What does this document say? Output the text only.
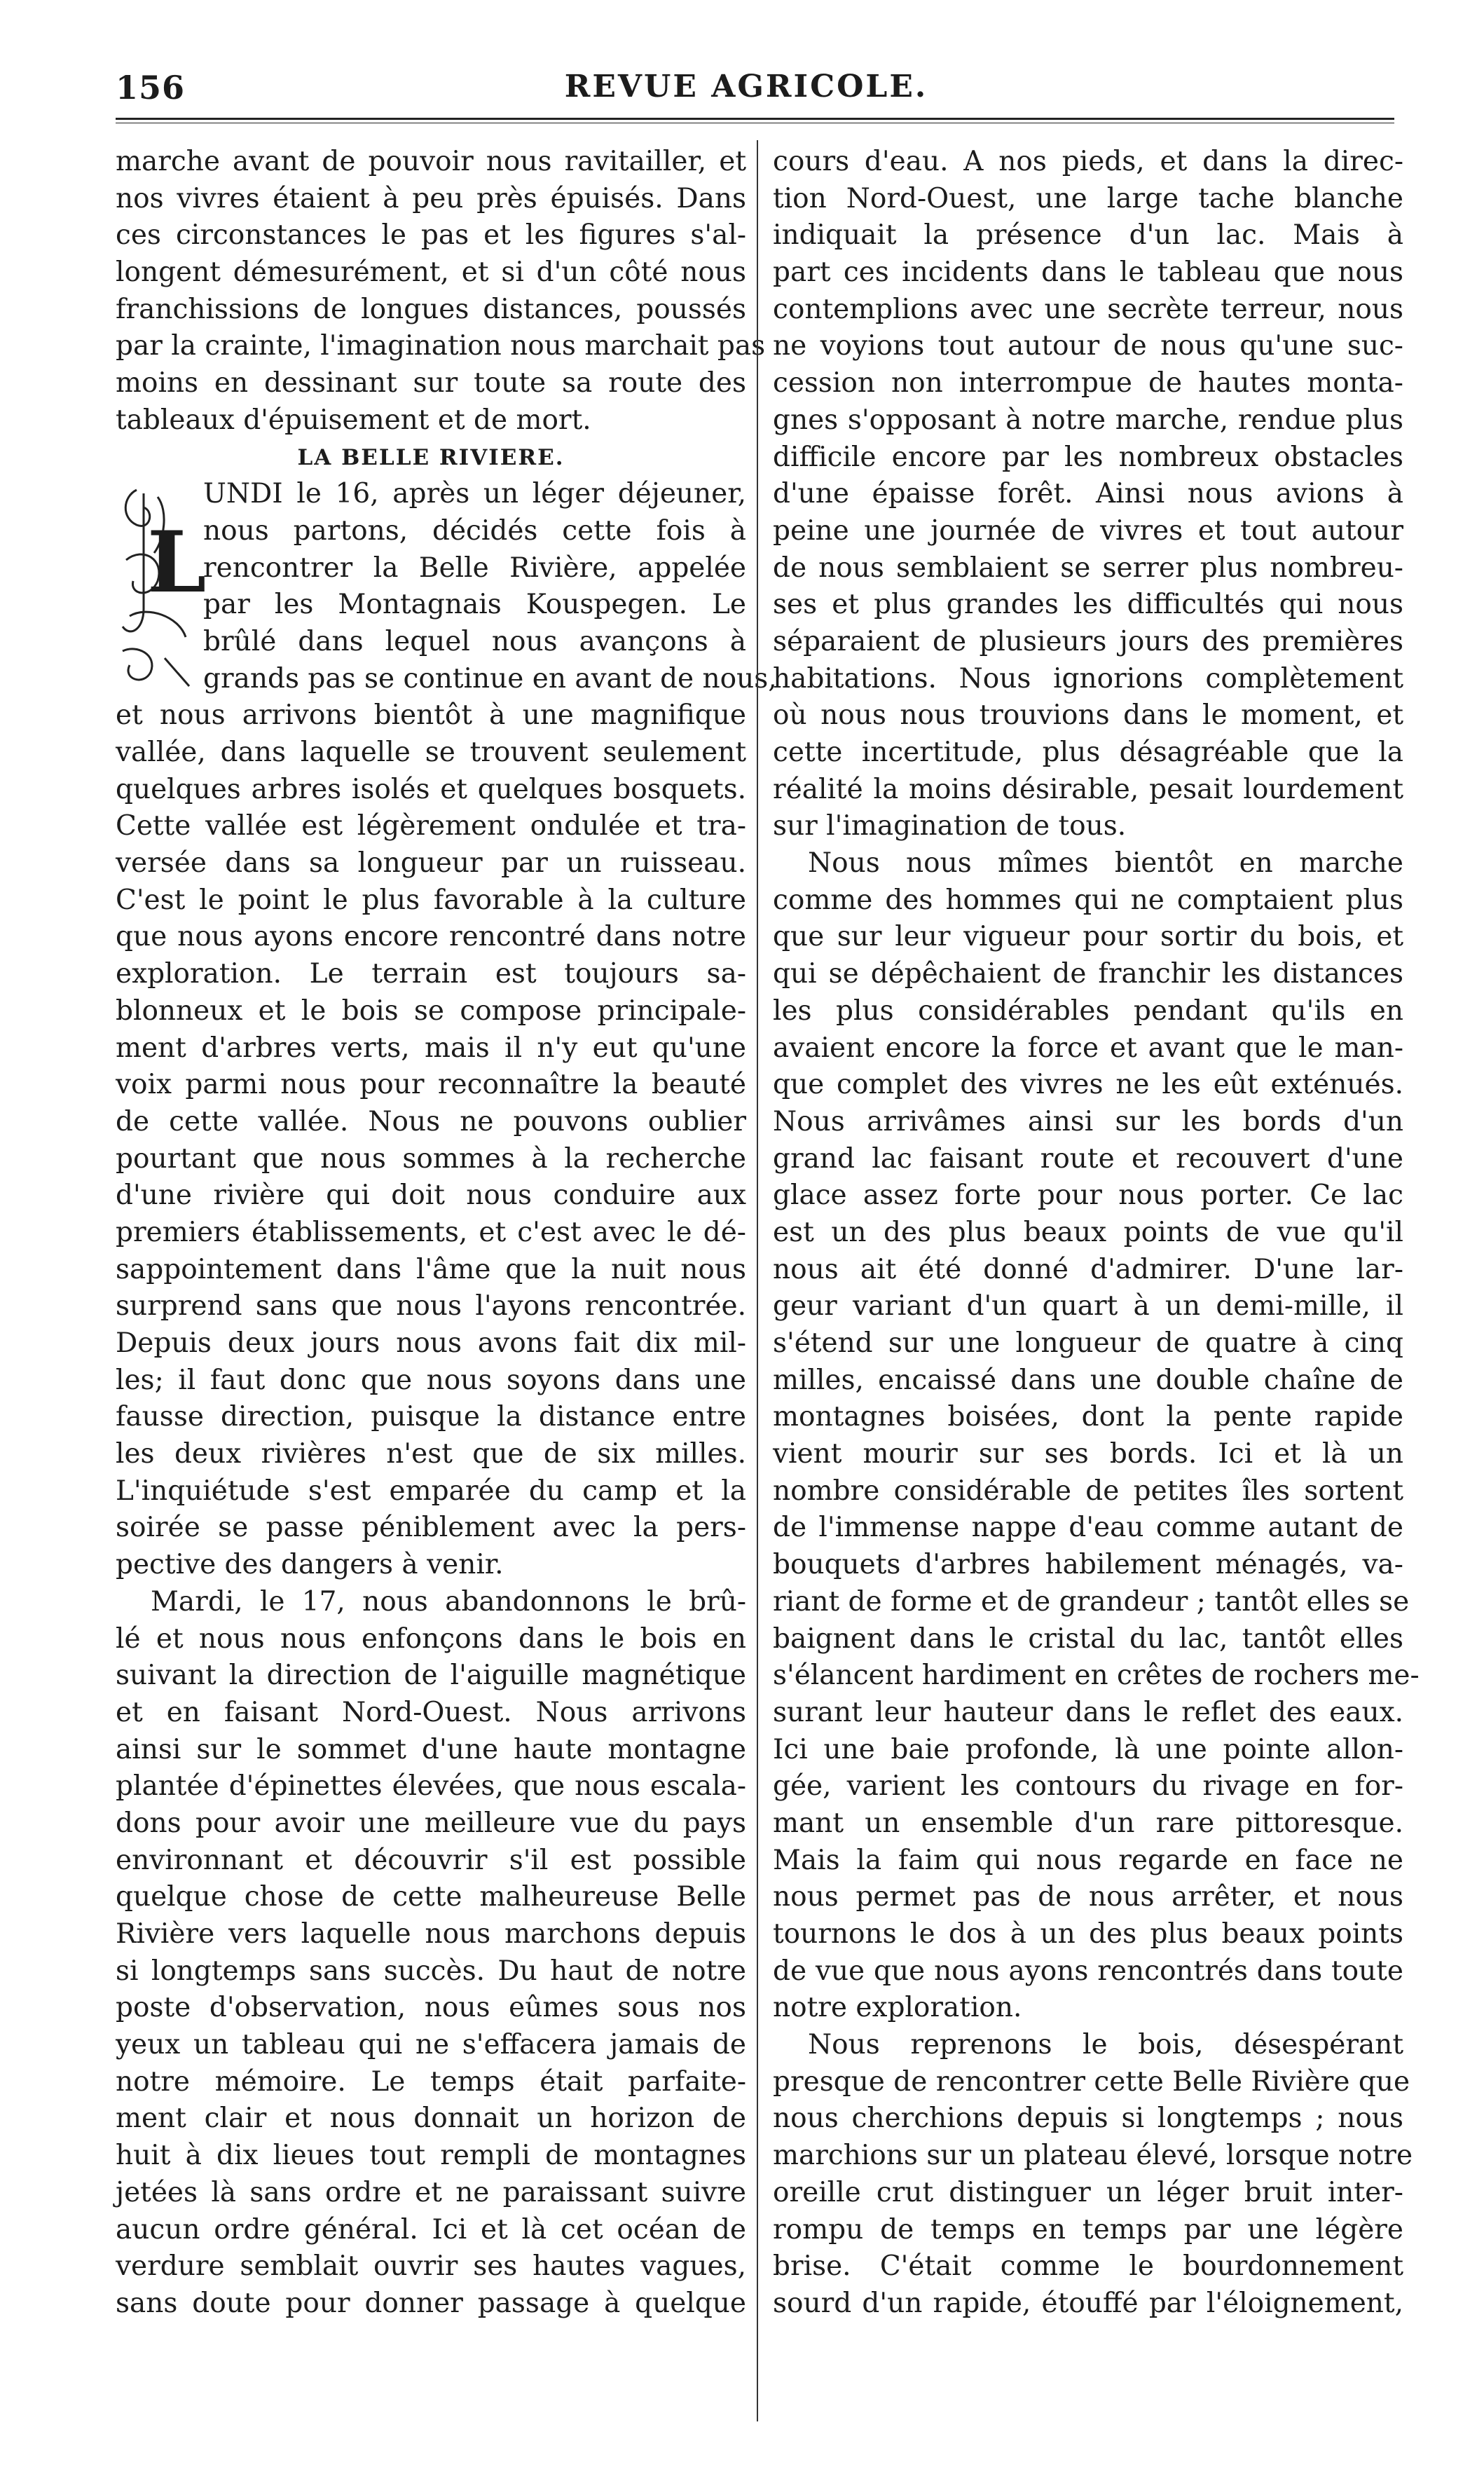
REVUE AGRICOLE.
156
marche avant de pouvoir nous ravitailler, et
nos vivres étaient à peu près épuisés. Dans
ces circonstances le pas et les figures s'al-
longent démesurément, et si d'un côté nous
franchissions de longues distances, poussés
par la crainte, l'imagination nous marchait pas
moins en dessinant sur toute sa route des
tableaux d'épuisement et de mort.
LA BELLE RIVIERE.
L
UNDI le 16, après un léger déjeuner,
nous partons, décidés cette fois à
rencontrer la Belle Rivière, appelée
par les Montagnais Kouspegen. Le
brûlé dans lequel nous avançons à
grands pas se continue en avant de nous,
et nous arrivons bientôt à une magnifique
vallée, dans laquelle se trouvent seulement
quelques arbres isolés et quelques bosquets.
Cette vallée est légèrement ondulée et tra-
versée dans sa longueur par un ruisseau.
C'est le point le plus favorable à la culture
que nous ayons encore rencontré dans notre
exploration. Le terrain est toujours sa-
blonneux et le bois se compose principale-
ment d'arbres verts, mais il n'y eut qu'une
voix parmi nous pour reconnaître la beauté
de cette vallée. Nous ne pouvons oublier
pourtant que nous sommes à la recherche
d'une rivière qui doit nous conduire aux
premiers établissements, et c'est avec le dé-
sappointement dans l'âme que la nuit nous
surprend sans que nous l'ayons rencontrée.
Depuis deux jours nous avons fait dix mil-
les; il faut donc que nous soyons dans une
fausse direction, puisque la distance entre
les deux rivières n'est que de six milles.
L'inquiétude s'est emparée du camp et la
soirée se passe péniblement avec la pers-
pective des dangers à venir.
Mardi, le 17, nous abandonnons le brû-
lé et nous nous enfonçons dans le bois en
suivant la direction de l'aiguille magnétique
et en faisant Nord-Ouest. Nous arrivons
ainsi sur le sommet d'une haute montagne
plantée d'épinettes élevées, que nous escala-
dons pour avoir une meilleure vue du pays
environnant et découvrir s'il est possible
quelque chose de cette malheureuse Belle
Rivière vers laquelle nous marchons depuis
si longtemps sans succès. Du haut de notre
poste d'observation, nous eûmes sous nos
yeux un tableau qui ne s'effacera jamais de
notre mémoire. Le temps était parfaite-
ment clair et nous donnait un horizon de
huit à dix lieues tout rempli de montagnes
jetées là sans ordre et ne paraissant suivre
aucun ordre général. Ici et là cet océan de
verdure semblait ouvrir ses hautes vagues,
sans doute pour donner passage à quelque
cours d'eau. A nos pieds, et dans la direc-
tion Nord-Ouest, une large tache blanche
indiquait la présence d'un lac. Mais à
part ces incidents dans le tableau que nous
contemplions avec une secrète terreur, nous
ne voyions tout autour de nous qu'une suc-
cession non interrompue de hautes monta-
gnes s'opposant à notre marche, rendue plus
difficile encore par les nombreux obstacles
d'une épaisse forêt. Ainsi nous avions à
peine une journée de vivres et tout autour
de nous semblaient se serrer plus nombreu-
ses et plus grandes les difficultés qui nous
séparaient de plusieurs jours des premières
habitations. Nous ignorions complètement
où nous nous trouvions dans le moment, et
cette incertitude, plus désagréable que la
réalité la moins désirable, pesait lourdement
sur l'imagination de tous.
Nous nous mîmes bientôt en marche
comme des hommes qui ne comptaient plus
que sur leur vigueur pour sortir du bois, et
qui se dépêchaient de franchir les distances
les plus considérables pendant qu'ils en
avaient encore la force et avant que le man-
que complet des vivres ne les eût exténués.
Nous arrivâmes ainsi sur les bords d'un
grand lac faisant route et recouvert d'une
glace assez forte pour nous porter. Ce lac
est un des plus beaux points de vue qu'il
nous ait été donné d'admirer. D'une lar-
geur variant d'un quart à un demi-mille, il
s'étend sur une longueur de quatre à cinq
milles, encaissé dans une double chaîne de
montagnes boisées, dont la pente rapide
vient mourir sur ses bords. Ici et là un
nombre considérable de petites îles sortent
de l'immense nappe d'eau comme autant de
bouquets d'arbres habilement ménagés, va-
riant de forme et de grandeur ; tantôt elles se
baignent dans le cristal du lac, tantôt elles
s'élancent hardiment en crêtes de rochers me-
surant leur hauteur dans le reflet des eaux.
Ici une baie profonde, là une pointe allon-
gée, varient les contours du rivage en for-
mant un ensemble d'un rare pittoresque.
Mais la faim qui nous regarde en face ne
nous permet pas de nous arrêter, et nous
tournons le dos à un des plus beaux points
de vue que nous ayons rencontrés dans toute
notre exploration.
Nous reprenons le bois, désespérant
presque de rencontrer cette Belle Rivière que
nous cherchions depuis si longtemps ; nous
marchions sur un plateau élevé, lorsque notre
oreille crut distinguer un léger bruit inter-
rompu de temps en temps par une légère
brise. C'était comme le bourdonnement
sourd d'un rapide, étouffé par l'éloignement,
